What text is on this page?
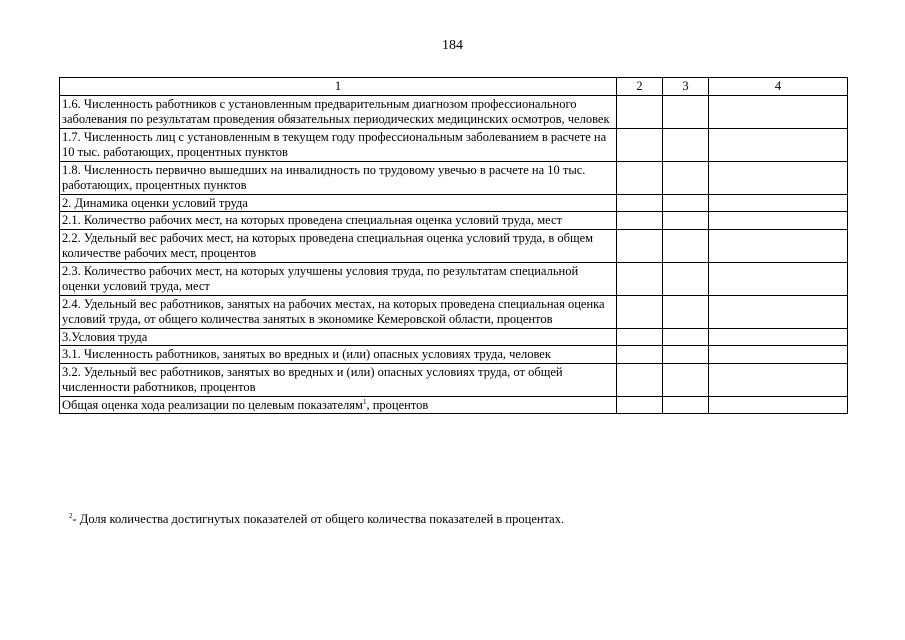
184
1	2	3	4
1.6. Численность работников с установленным предварительным диагнозом профессионального заболевания по результатам проведения обязательных периодических медицинских осмотров, человек			
1.7. Численность лиц с установленным в текущем году профессиональным заболеванием в расчете на 10 тыс. работающих, процентных пунктов			
1.8. Численность первично вышедших на инвалидность по трудовому увечью в расчете на 10 тыс. работающих, процентных пунктов			
2. Динамика оценки условий труда			
2.1. Количество рабочих мест, на которых проведена специальная оценка условий труда, мест			
2.2. Удельный вес рабочих мест, на которых проведена специальная оценка условий труда, в общем количестве рабочих мест, процентов			
2.3. Количество рабочих мест, на которых улучшены условия труда, по результатам специальной оценки условий труда, мест			
2.4. Удельный вес работников, занятых на рабочих местах, на которых проведена специальная оценка условий труда, от общего количества занятых в экономике Кемеровской области, процентов			
3.Условия труда			
3.1. Численность работников, занятых во вредных и (или) опасных условиях труда, человек			
3.2. Удельный вес работников, занятых во вредных и (или) опасных условиях труда, от общей численности работников, процентов			
Общая оценка хода реализации по целевым показателям$^1$, процентов			
$^2$- Доля количества достигнутых показателей от общего количества показателей в процентах.
